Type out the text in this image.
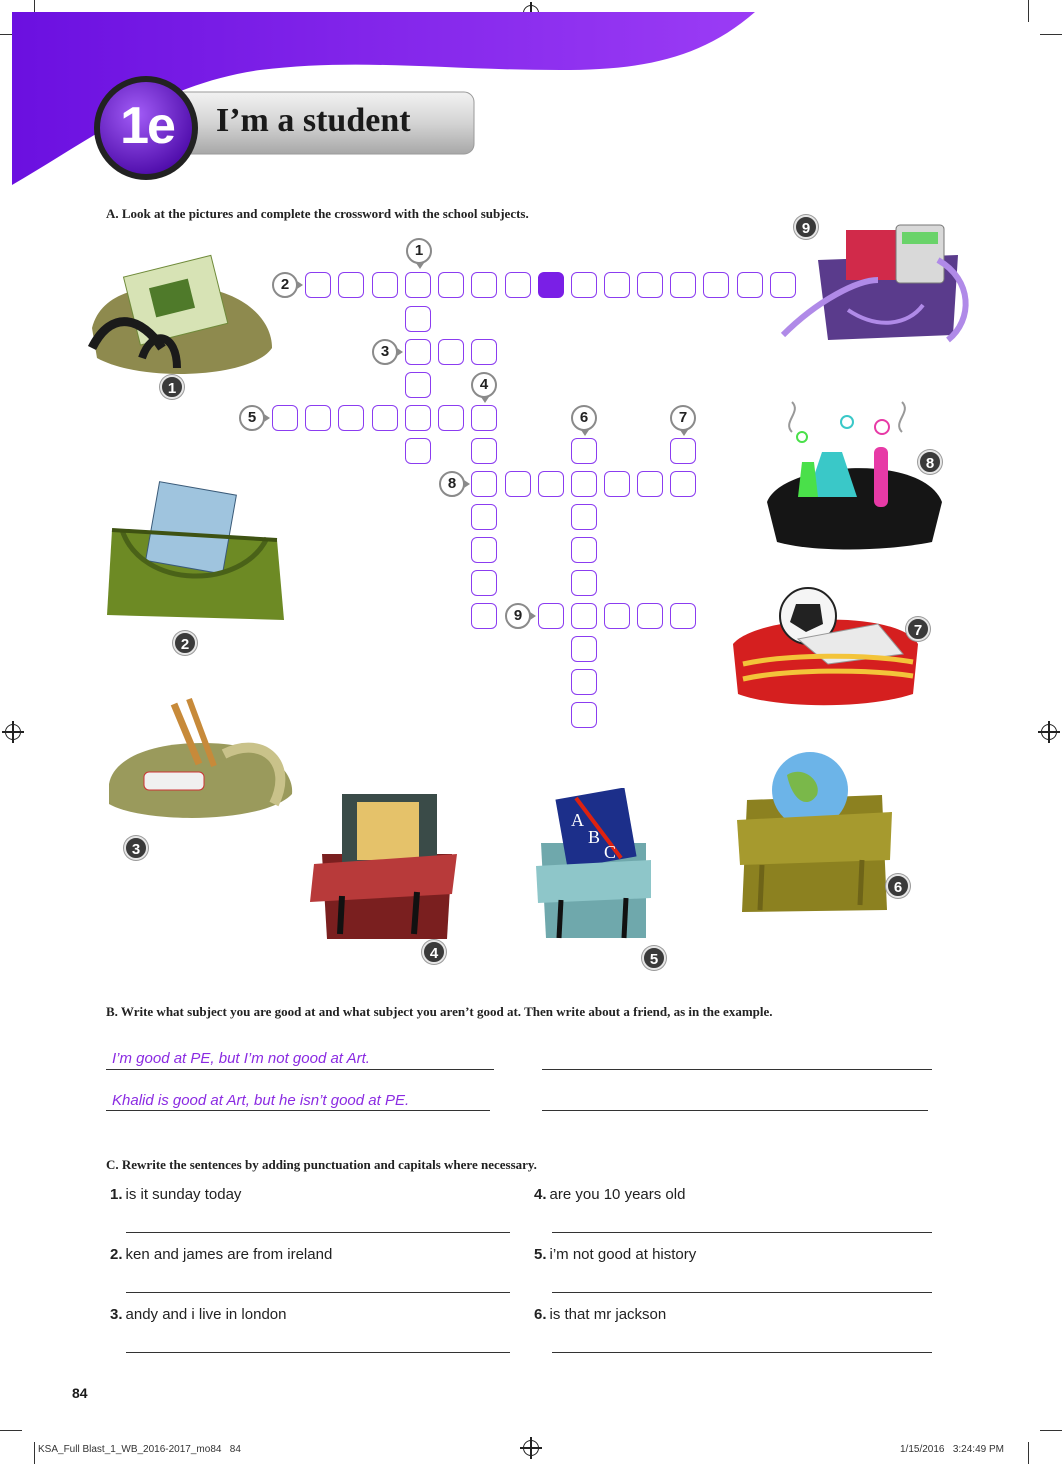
1e I’m a student
A. Look at the pictures and complete the crossword with the school subjects.
1
2
3
4
5	6	7
8
9
1
2
3
4
A
B
C
5
6
7
8
9
B. Write what subject you are good at and what subject you aren’t good at. Then write about a friend, as in the example.
I’m good at PE, but I’m not good at Art.
Khalid is good at Art, but he isn’t good at PE.
C. Rewrite the sentences by adding punctuation and capitals where necessary.
1. is it sunday today
2. ken and james are from ireland
3. andy and i live in london
4. are you 10 years old
5. i’m not good at history
6. is that mr jackson
84
KSA_Full Blast_1_WB_2016-2017_mo84   84	1/15/2016   3:24:49 PM
